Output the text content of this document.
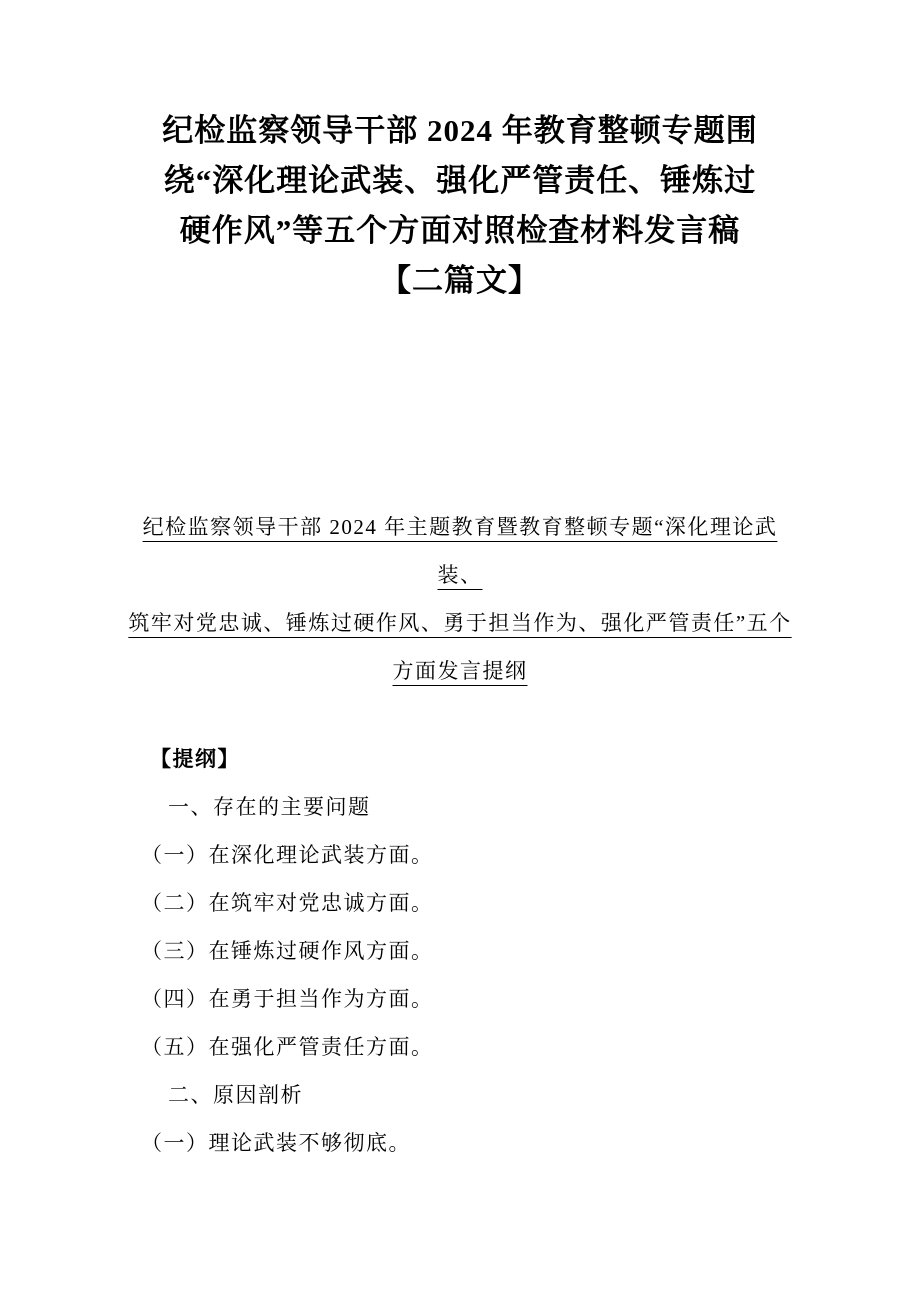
纪检监察领导干部 2024 年教育整顿专题围
绕“深化理论武装、强化严管责任、锤炼过
硬作风”等五个方面对照检查材料发言稿
【二篇文】
纪检监察领导干部 2024 年主题教育暨教育整顿专题“深化理论武
装、
筑牢对党忠诚、锤炼过硬作风、勇于担当作为、强化严管责任”五个
方面发言提纲

【提纲】

一、存在的主要问题

（一）在深化理论武装方面。

（二）在筑牢对党忠诚方面。

（三）在锤炼过硬作风方面。

（四）在勇于担当作为方面。

（五）在强化严管责任方面。

二、原因剖析

（一）理论武装不够彻底。
